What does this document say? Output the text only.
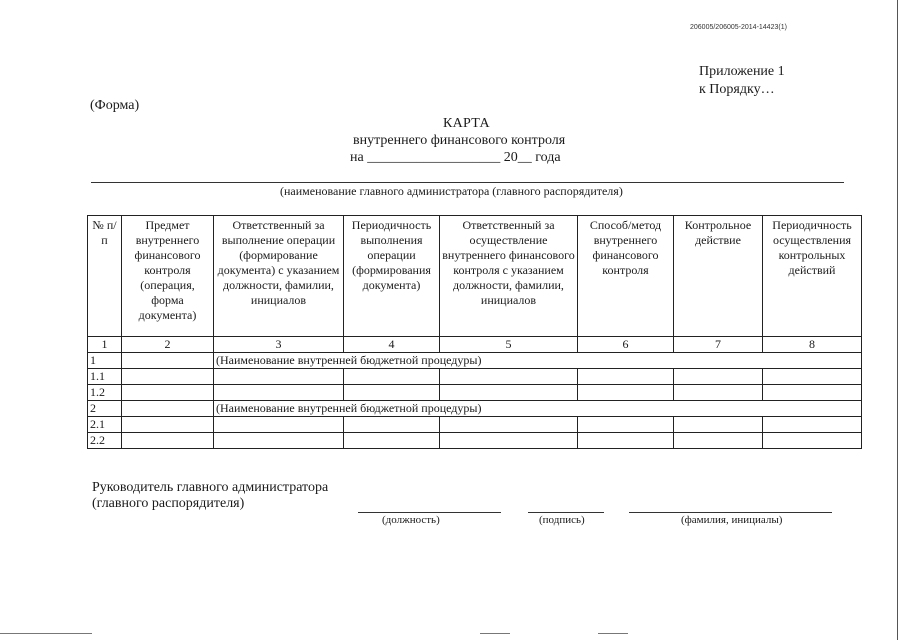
206005/206005-2014-14423(1)
Приложение 1
к Порядку…
(Форма)
КАРТА
внутреннего финансового контроля
на ___________________ 20__ года
(наименование главного администратора (главного распорядителя)
№ п/п	Предмет внутреннего финансового контроля (операция, форма документа)	Ответственный за выполнение операции (формирование документа) с указанием должности, фамилии, инициалов	Периодичность выполнения операции (формирования документа)	Ответственный за осуществление внутреннего финансового контроля с указанием должности, фамилии, инициалов	Способ/метод внутреннего финансового контроля	Контрольное действие	Периодичность осуществления контрольных действий
1	2	3	4	5	6	7	8
1		(Наименование внутренней бюджетной процедуры)					
1.1							
1.2							
2		(Наименование внутренней бюджетной процедуры)					
2.1							
2.2							
Руководитель главного администратора
(главного распорядителя)
(должность)	(подпись)	(фамилия, инициалы)
